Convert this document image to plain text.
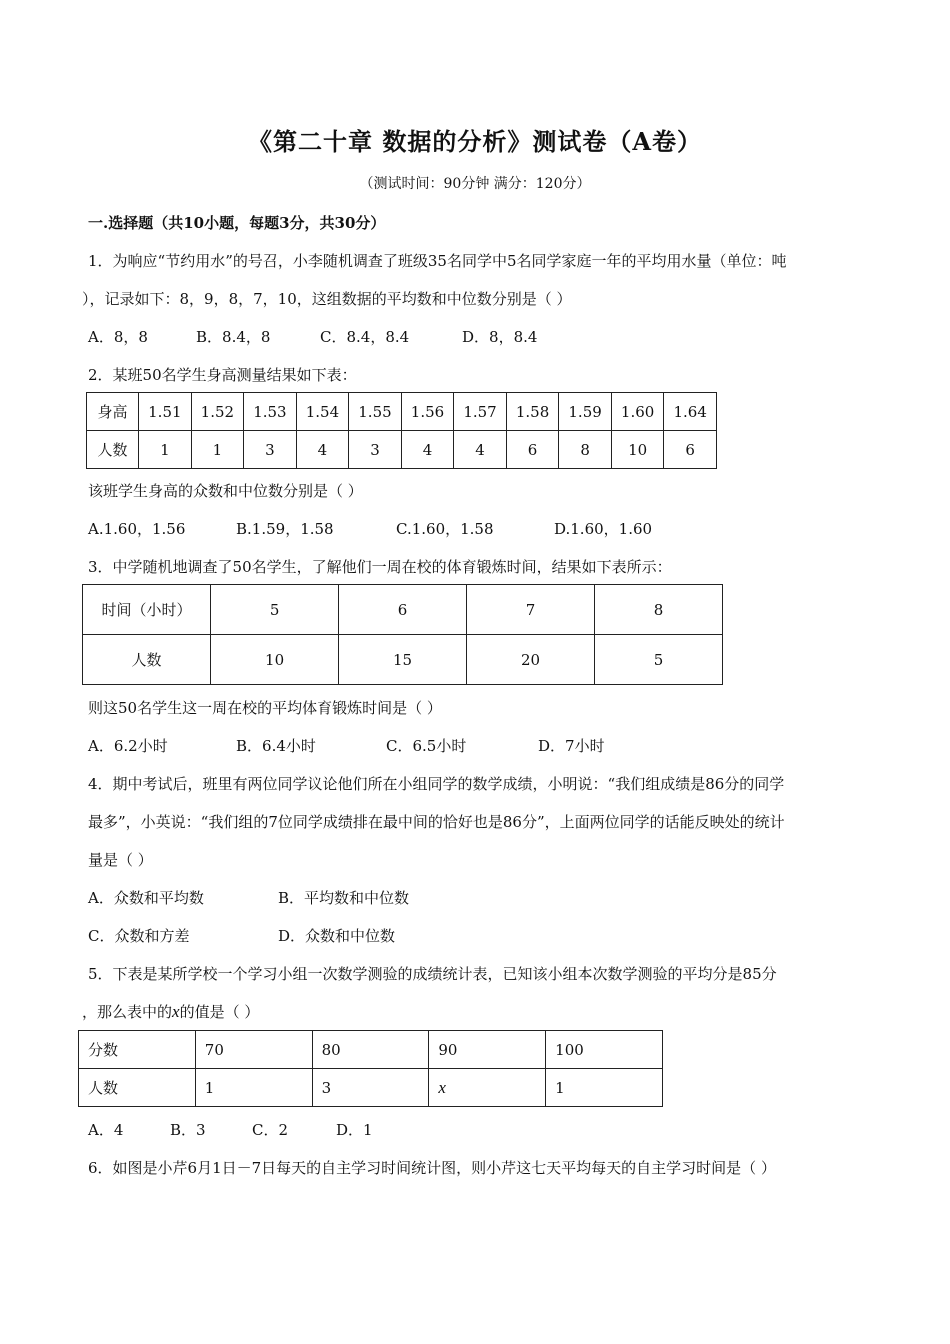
《第二十章 数据的分析》测试卷（A卷）
（测试时间：90分钟 满分：120分）
一.选择题（共10小题，每题3分，共30分）
1．为响应“节约用水”的号召，小李随机调查了班级35名同学中5名同学家庭一年的平均用水量（单位：吨
），记录如下：8，9，8，7，10，这组数据的平均数和中位数分别是（ ）
A．8，8	B．8.4，8	C．8.4，8.4	D．8，8.4
2．某班50名学生身高测量结果如下表：
身高	1.51	1.52	1.53	1.54	1.55	1.56	1.57	1.58	1.59	1.60	1.64
人数	1	1	3	4	3	4	4	6	8	10	6
该班学生身高的众数和中位数分别是（ ）
A.1.60，1.56	B.1.59，1.58	C.1.60，1.58	D.1.60，1.60
3．中学随机地调查了50名学生，了解他们一周在校的体育锻炼时间，结果如下表所示：
时间（小时）	5	6	7	8
人数	10	15	20	5
则这50名学生这一周在校的平均体育锻炼时间是（ ）
A．6.2小时	B．6.4小时	C．6.5小时	D．7小时
4．期中考试后，班里有两位同学议论他们所在小组同学的数学成绩，小明说：“我们组成绩是86分的同学
最多”，小英说：“我们组的7位同学成绩排在最中间的恰好也是86分”，上面两位同学的话能反映处的统计
量是（ ）
A．众数和平均数	B．平均数和中位数
C．众数和方差	D．众数和中位数
5．下表是某所学校一个学习小组一次数学测验的成绩统计表，已知该小组本次数学测验的平均分是85分
，那么表中的x的值是（ ）
分数	70	80	90	100
人数	1	3	x	1
A．4	B．3	C．2	D．1
6．如图是小芹6月1日－7日每天的自主学习时间统计图，则小芹这七天平均每天的自主学习时间是（ ）
